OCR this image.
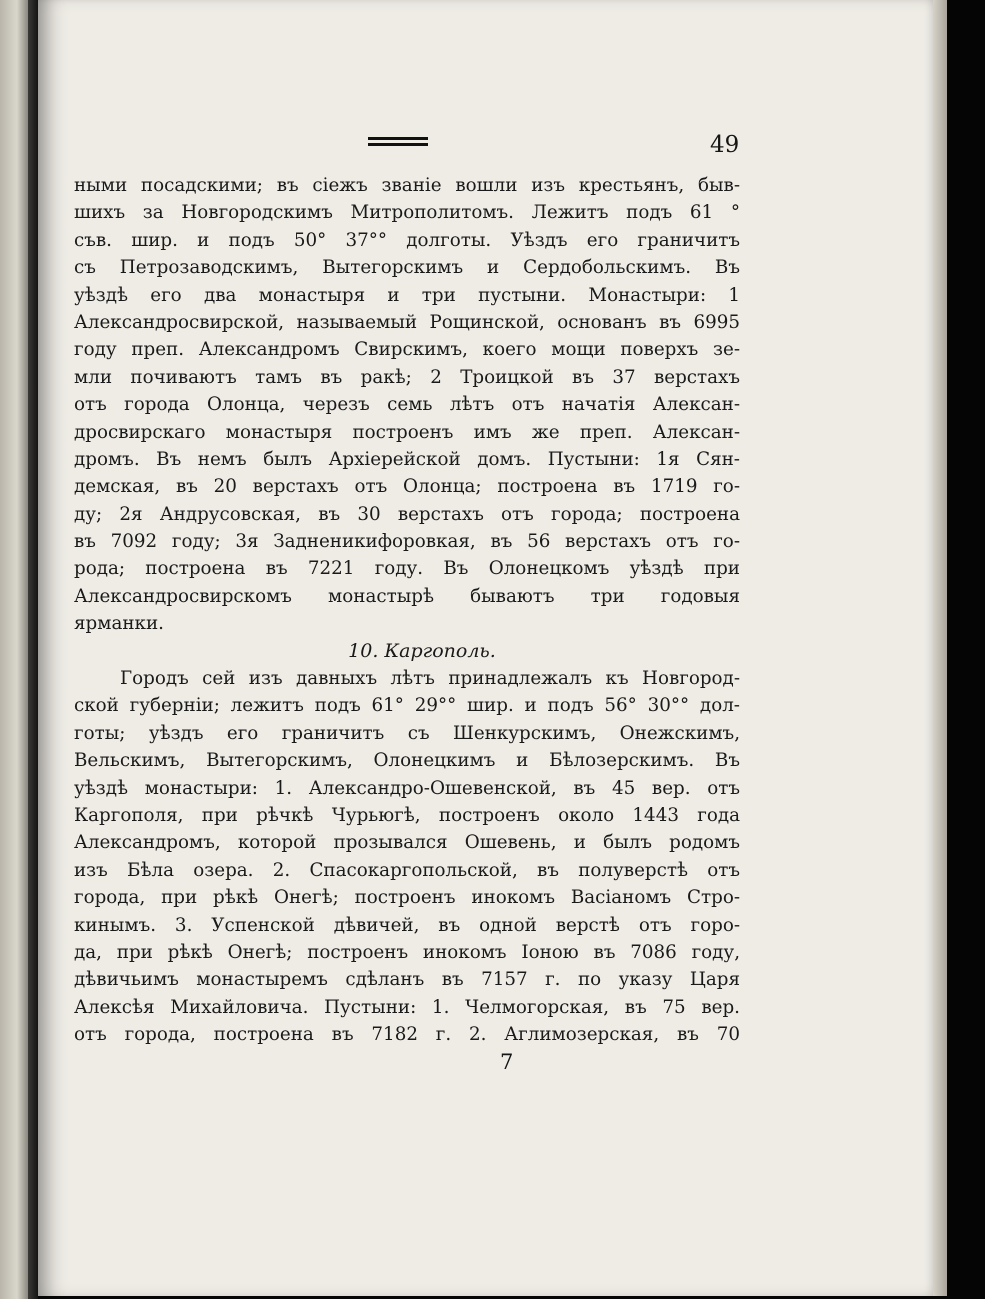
49
ными посадскими; въ сіежъ званіе вошли изъ крестьянъ, быв-
шихъ за Новгородскимъ Митрополитомъ. Лежитъ подъ 61 °
съв. шир. и подъ 50° 37°° долготы. Уѣздъ его граничитъ
съ Петрозаводскимъ, Вытегорскимъ и Сердобольскимъ. Въ
уѣздѣ его два монастыря и три пустыни. Монастыри: 1
Александросвирской, называемый Рощинской, основанъ въ 6995
году преп. Александромъ Свирскимъ, коего мощи поверхъ зе-
мли почиваютъ тамъ въ ракѣ; 2 Троицкой въ 37 верстахъ
отъ города Олонца, черезъ семь лѣтъ отъ начатія Алексан-
дросвирскаго монастыря построенъ имъ же преп. Алексан-
дромъ. Въ немъ былъ Архіерейской домъ. Пустыни: 1я Сян-
демская, въ 20 верстахъ отъ Олонца; построена въ 1719 го-
ду; 2я Андрусовская, въ 30 верстахъ отъ города; построена
въ 7092 году; 3я Задненикифоровкая, въ 56 верстахъ отъ го-
рода; построена въ 7221 году. Въ Олонецкомъ уѣздѣ при
Александросвирскомъ монастырѣ бываютъ три годовыя
ярманки.
10. Каргополь.
Городъ сей изъ давныхъ лѣтъ принадлежалъ къ Новгород-
ской губерніи; лежитъ подъ 61° 29°° шир. и подъ 56° 30°° дол-
готы; уѣздъ его граничитъ съ Шенкурскимъ, Онежскимъ,
Вельскимъ, Вытегорскимъ, Олонецкимъ и Бѣлозерскимъ. Въ
уѣздѣ монастыри: 1. Александро-Ошевенской, въ 45 вер. отъ
Каргополя, при рѣчкѣ Чурьюгѣ, построенъ около 1443 года
Александромъ, которой прозывался Ошевень, и былъ родомъ
изъ Бѣла озера. 2. Спасокаргопольской, въ полуверстѣ отъ
города, при рѣкѣ Онегѣ; построенъ инокомъ Васіаномъ Стро-
кинымъ. 3. Успенской дѣвичей, въ одной верстѣ отъ горо-
да, при рѣкѣ Онегѣ; построенъ инокомъ Іоною въ 7086 году,
дѣвичьимъ монастыремъ сдѣланъ въ 7157 г. по указу Царя
Алексѣя Михайловича. Пустыни: 1. Челмогорская, въ 75 вер.
отъ города, построена въ 7182 г. 2. Аглимозерская, въ 70
7
